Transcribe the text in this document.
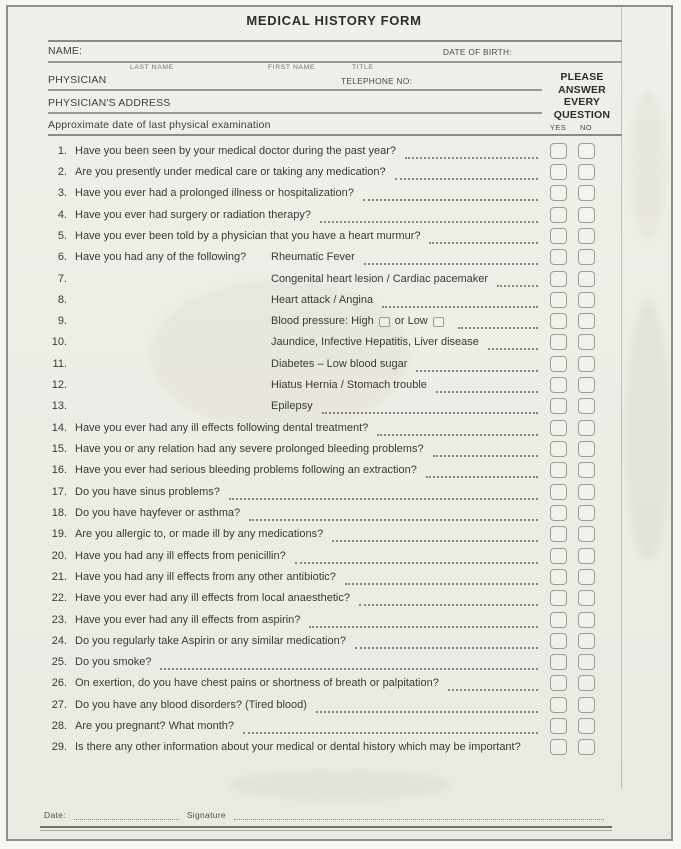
MEDICAL HISTORY FORM
NAME:	DATE OF BIRTH:
LAST NAME	FIRST NAME	TITLE
PHYSICIAN	TELEPHONE NO:
PHYSICIAN'S ADDRESS
Approximate date of last physical examination
PLEASE
ANSWER
EVERY
QUESTION
YES	NO
1. Have you been seen by your medical doctor during the past year?
2. Are you presently under medical care or taking any medication?
3. Have you ever had a prolonged illness or hospitalization?
4. Have you ever had surgery or radiation therapy?
5. Have you ever been told by a physician that you have a heart murmur?
6. Have you had any of the following?	Rheumatic Fever
7.	Congenital heart lesion / Cardiac pacemaker
8.	Heart attack / Angina
9.	Blood pressure: High or Low
10.	Jaundice, Infective Hepatitis, Liver disease
11.	Diabetes – Low blood sugar
12.	Hiatus Hernia / Stomach trouble
13.	Epilepsy
14. Have you ever had any ill effects following dental treatment?
15. Have you or any relation had any severe prolonged bleeding problems?
16. Have you ever had serious bleeding problems following an extraction?
17. Do you have sinus problems?
18. Do you have hayfever or asthma?
19. Are you allergic to, or made ill by any medications?
20. Have you had any ill effects from penicillin?
21. Have you had any ill effects from any other antibiotic?
22. Have you ever had any ill effects from local anaesthetic?
23. Have you ever had any ill effects from aspirin?
24. Do you regularly take Aspirin or any similar medication?
25. Do you smoke?
26. On exertion, do you have chest pains or shortness of breath or palpitation?
27. Do you have any blood disorders? (Tired blood)
28. Are you pregnant? What month?
29. Is there any other information about your medical or dental history which may be important?
Date:	Signature
